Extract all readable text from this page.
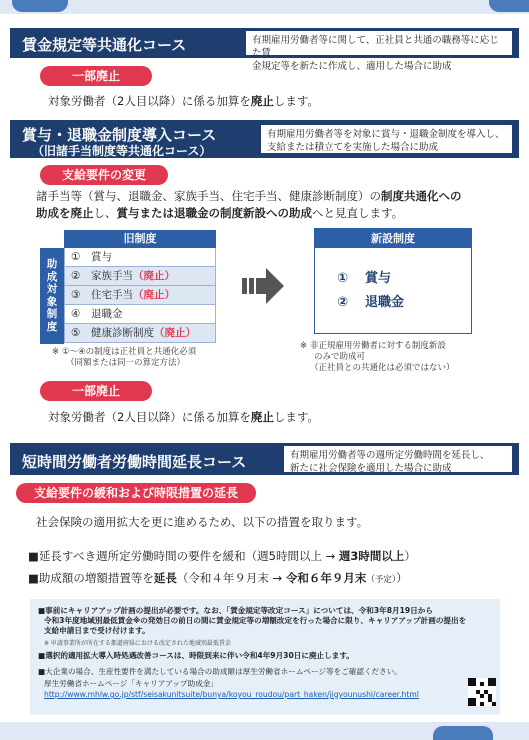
賃金規定等共通化コース	有期雇用労働者等に関して、正社員と共通の職務等に応じた賃
金規定等を新たに作成し、適用した場合に助成
一部廃止
対象労働者（2人目以降）に係る加算を廃止します。
賞与・退職金制度導入コース
（旧諸手当制度等共通化コース）
有期雇用労働者等を対象に賞与・退職金制度を導入し、
支給または積立てを実施した場合に助成
支給要件の変更
諸手当等（賞与、退職金、家族手当、住宅手当、健康診断制度）の制度共通化への
助成を廃止し、賞与または退職金の制度新設への助成へと見直します。
旧制度
助
成
対
象
制
度
① 賞与
② 家族手当（廃止）
③ 住宅手当（廃止）
④ 退職金
⑤ 健康診断制度（廃止）
※ ①～④の制度は正社員と共通化必須
（同額または同一の算定方法）
新設制度
① 賞与
② 退職金
※ 非正規雇用労働者に対する制度新設
のみで助成可
（正社員との共通化は必須ではない）
一部廃止
対象労働者（2人目以降）に係る加算を廃止します。
短時間労働者労働時間延長コース	有期雇用労働者等の週所定労働時間を延長し、
新たに社会保険を適用した場合に助成
支給要件の緩和および時限措置の延長
社会保険の適用拡大を更に進めるため、以下の措置を取ります。
■延長すべき週所定労働時間の要件を緩和（週5時間以上 → 週3時間以上）
■助成額の増額措置等を延長（令和４年９月末 → 令和６年９月末（予定））
■事前にキャリアアップ計画の提出が必要です。なお、「賃金規定等改定コース」については、令和3年8月19日から
令和3年度地域別最低賃金※の発効日の前日の間に賃金規定等の増額改定を行った場合に限り、キャリアアップ計画の提出を
支給申請日まで受け付けます。
※ 申請事業所が所在する都道府県における改定された地域別最低賃金
■選択的適用拡大導入時処遇改善コースは、時限到来に伴い令和4年9月30日に廃止します。
■大企業の場合、生産性要件を満たしている場合の助成額は厚生労働省ホームページ等をご確認ください。
厚生労働省ホームページ「キャリアアップ助成金」
http://www.mhlw.go.jp/stf/seisakunitsuite/bunya/koyou_roudou/part_haken/jigyounushi/career.html
